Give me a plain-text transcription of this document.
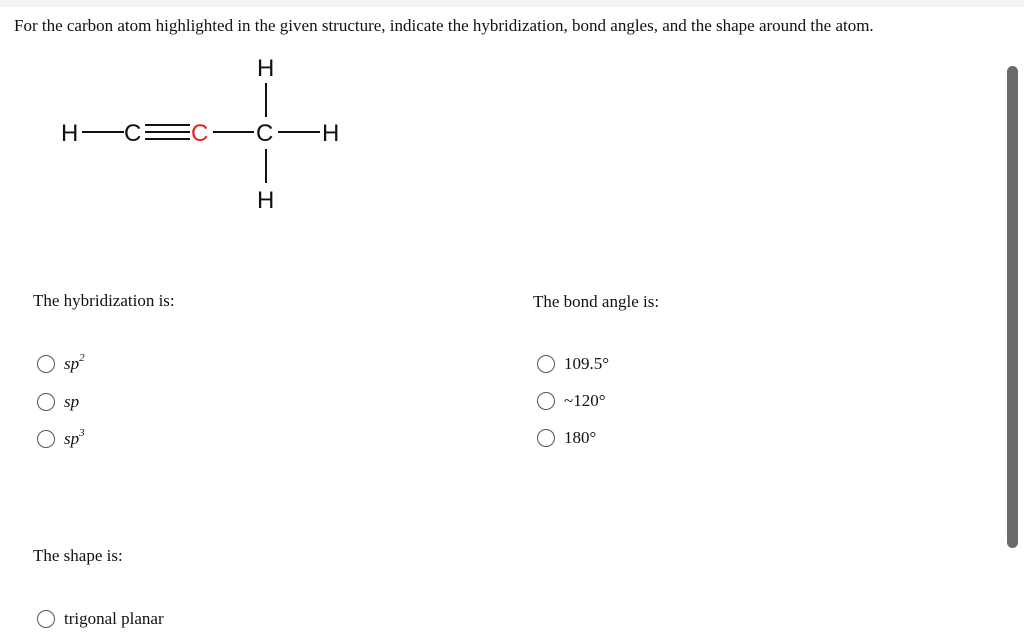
For the carbon atom highlighted in the given structure, indicate the hybridization, bond angles, and the shape around the atom.
H C C C H
H
H
The hybridization is:
$sp^2$
sp
$sp^3$
The bond angle is:
109.5°
~120°
180°
The shape is:
trigonal planar
